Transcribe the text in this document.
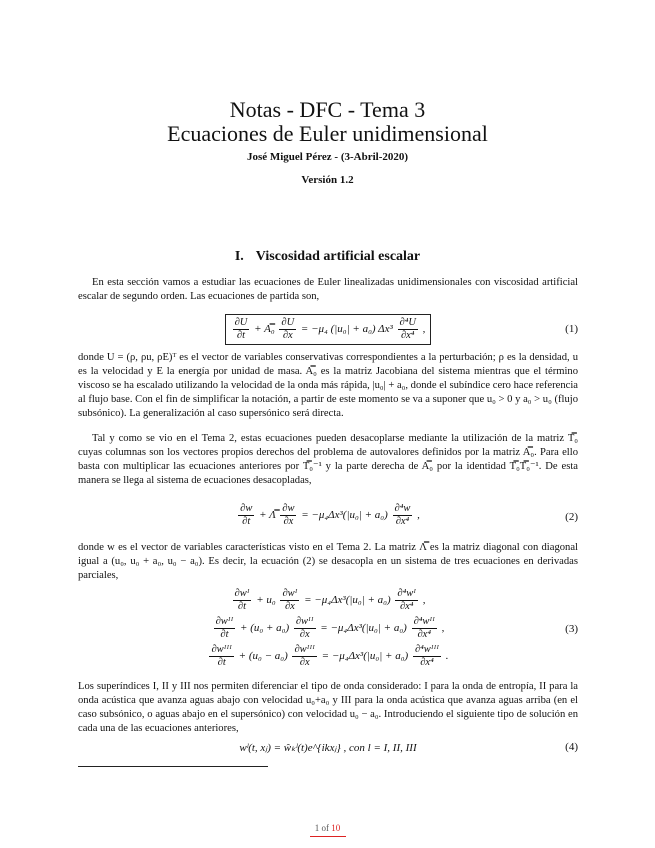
Notas - DFC - Tema 3
Ecuaciones de Euler unidimensional
José Miguel Pérez - (3-Abril-2020)
Versión 1.2
I. Viscosidad artificial escalar

En esta sección vamos a estudiar las ecuaciones de Euler linealizadas unidimensionales con viscosidad artificial escalar de segundo orden. Las ecuaciones de partida son,

$\frac{\partial U}{\partial t}$ + A̿₀ $\frac{\partial U}{\partial x} = -\mu_4$ (|u₀| + a₀) $\Delta x^3 \frac{\text{∂⁴U}}{\text{∂x⁴}}$ ,	(1)

donde U = (ρ, ρu, ρE)ᵀ es el vector de variables conservativas correspondientes a la perturbación; ρ es la densidad, u es la velocidad y E la energía por unidad de masa. A̿₀ es la matriz Jacobiana del sistema mientras que el término viscoso se ha escalado utilizando la velocidad de la onda más rápida, |u₀| + a₀, donde el subíndice cero hace referencia al flujo base. Con el fin de simplificar la notación, a partir de este momento se va a suponer que u₀ > 0 y a₀ > u₀ (flujo subsónico). La generalización al caso supersónico será directa.

Tal y como se vio en el Tema 2, estas ecuaciones pueden desacoplarse mediante la utilización de la matriz T̿₀ cuyas columnas son los vectores propios derechos del problema de autovalores definidos por la matriz A̿₀. Para ello basta con multiplicar las ecuaciones anteriores por T̿₀⁻¹ y la parte derecha de A̿₀ por la identidad T̿₀T̿₀⁻¹. De esta manera se llega al sistema de ecuaciones desacopladas,

$\frac{\partial w}{\partial t}$ + Λ̿ $\frac{\partial w}{\partial x} = -\mu_4\Delta x^3(|u_0| + a_0) \frac{\text{∂⁴w}}{\text{∂x⁴}}$ ,	(2)

donde w es el vector de variables características visto en el Tema 2. La matriz Λ̿ es la matriz diagonal con diagonal igual a (u₀, u₀ + a₀, u₀ − a₀). Es decir, la ecuación (2) se desacopla en un sistema de tres ecuaciones en derivadas parciales,

$\frac{\text{∂wᴵ}}{\partial t} + u_0 \frac{\text{∂wᴵ}}{\partial x} = -\mu_4\Delta x^3(|u_0| + a_0) \frac{\text{∂⁴wᴵ}}{\text{∂x⁴}}$ ,
$\frac{\text{∂wᴵᴵ}}{\partial t} + (u_0 + a_0) \frac{\text{∂wᴵᴵ}}{\partial x} = -\mu_4\Delta x^3(|u_0| + a_0) \frac{\text{∂⁴wᴵᴵ}}{\text{∂x⁴}}$ ,
$\frac{\text{∂wᴵᴵᴵ}}{\partial t} + (u_0 - a_0) \frac{\text{∂wᴵᴵᴵ}}{\partial x} = -\mu_4\Delta x^3(|u_0| + a_0) \frac{\text{∂⁴wᴵᴵᴵ}}{\text{∂x⁴}}$ .
(3)

Los superíndices I, II y III nos permiten diferenciar el tipo de onda considerado: I para la onda de entropía, II para la onda acústica que avanza aguas abajo con velocidad u₀+a₀ y III para la onda acústica que avanza aguas arriba (en el caso subsónico, o aguas abajo en el supersónico) con velocidad u₀ − a₀. Introduciendo el siguiente tipo de solución en cada una de las ecuaciones anteriores,

wˡ(t, xⱼ) = ŵₖˡ(t)e^{ikxⱼ} , con l = I, II, III	(4)
1 of 10
